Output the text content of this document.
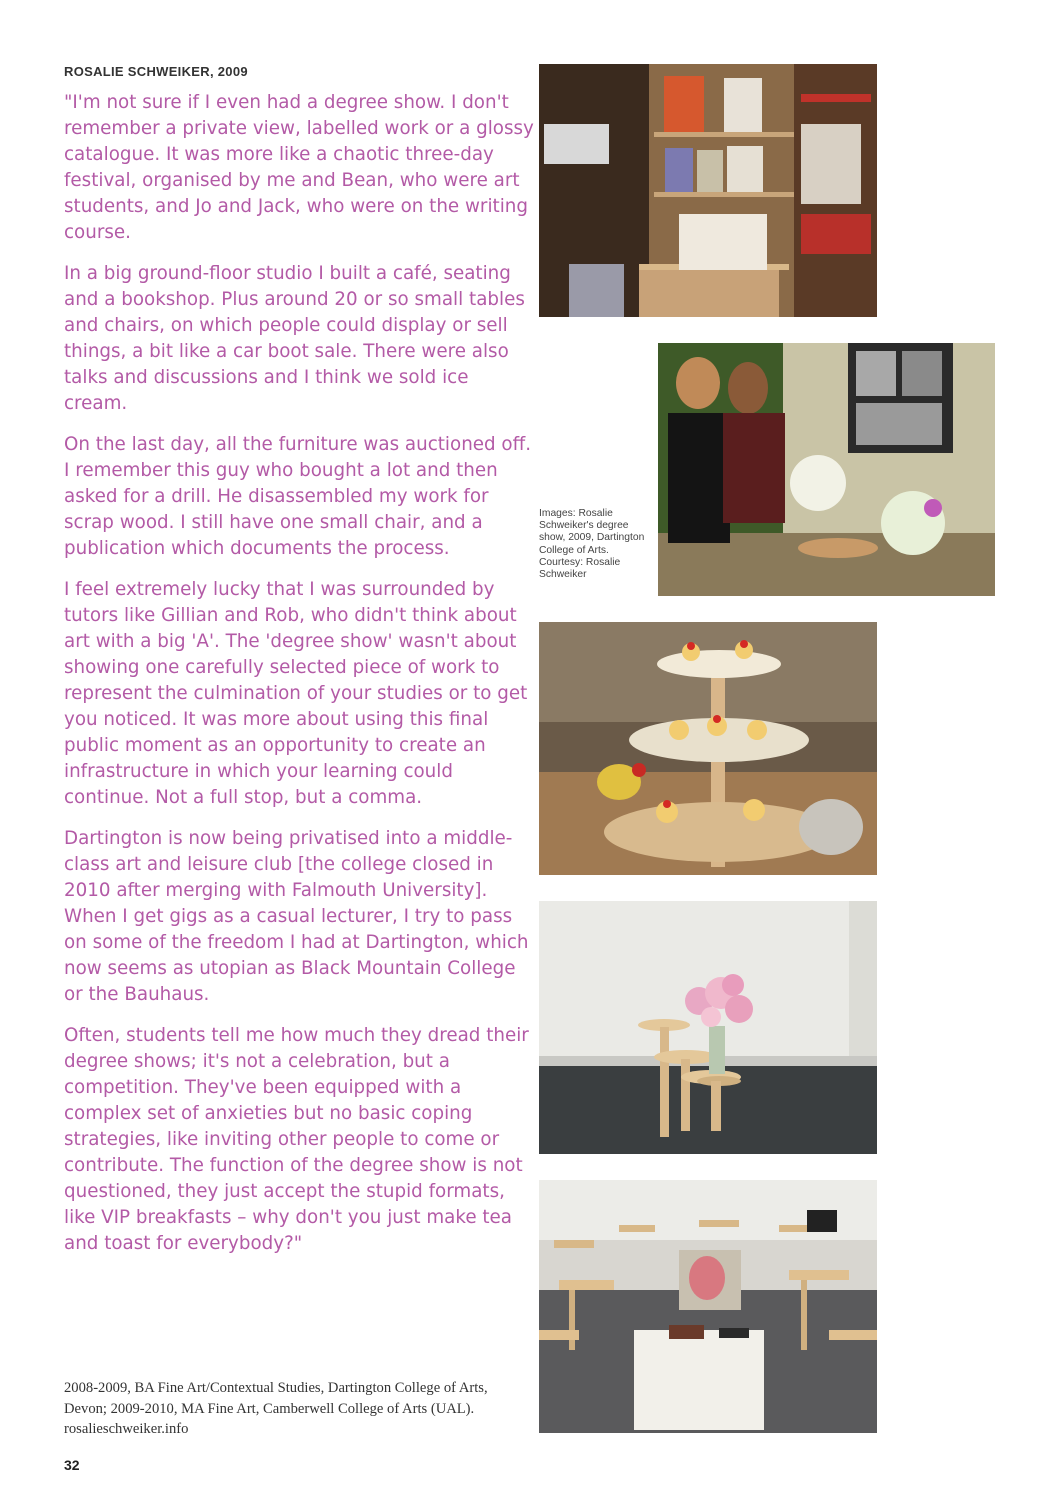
ROSALIE SCHWEIKER, 2009

"I'm not sure if I even had a degree show. I don't remember a private view, labelled work or a glossy catalogue. It was more like a chaotic three-day festival, organised by me and Bean, who were art students, and Jo and Jack, who were on the writing course.

In a big ground-floor studio I built a café, seating and a bookshop. Plus around 20 or so small tables and chairs, on which people could display or sell things, a bit like a car boot sale. There were also talks and discussions and I think we sold ice cream.

On the last day, all the furniture was auctioned off. I remember this guy who bought a lot and then asked for a drill. He disassembled my work for scrap wood. I still have one small chair, and a publication which documents the process.

I feel extremely lucky that I was surrounded by tutors like Gillian and Rob, who didn't think about art with a big 'A'. The 'degree show' wasn't about showing one carefully selected piece of work to represent the culmination of your studies or to get you noticed. It was more about using this final public moment as an opportunity to create an infrastructure in which your learning could continue. Not a full stop, but a comma.

Dartington is now being privatised into a middle-class art and leisure club [the college closed in 2010 after merging with Falmouth University]. When I get gigs as a casual lecturer, I try to pass on some of the freedom I had at Dartington, which now seems as utopian as Black Mountain College or the Bauhaus.

Often, students tell me how much they dread their degree shows; it's not a celebration, but a competition. They've been equipped with a complex set of anxieties but no basic coping strategies, like inviting other people to come or contribute. The function of the degree show is not questioned, they just accept the stupid formats, like VIP breakfasts – why don't you just make tea and toast for everybody?"

2008-2009, BA Fine Art/Contextual Studies, Dartington College of Arts, Devon; 2009-2010, MA Fine Art, Camberwell College of Arts (UAL). rosalieschweiker.info
32
Images: Rosalie Schweiker's degree show, 2009, Dartington College of Arts. Courtesy: Rosalie Schweiker
